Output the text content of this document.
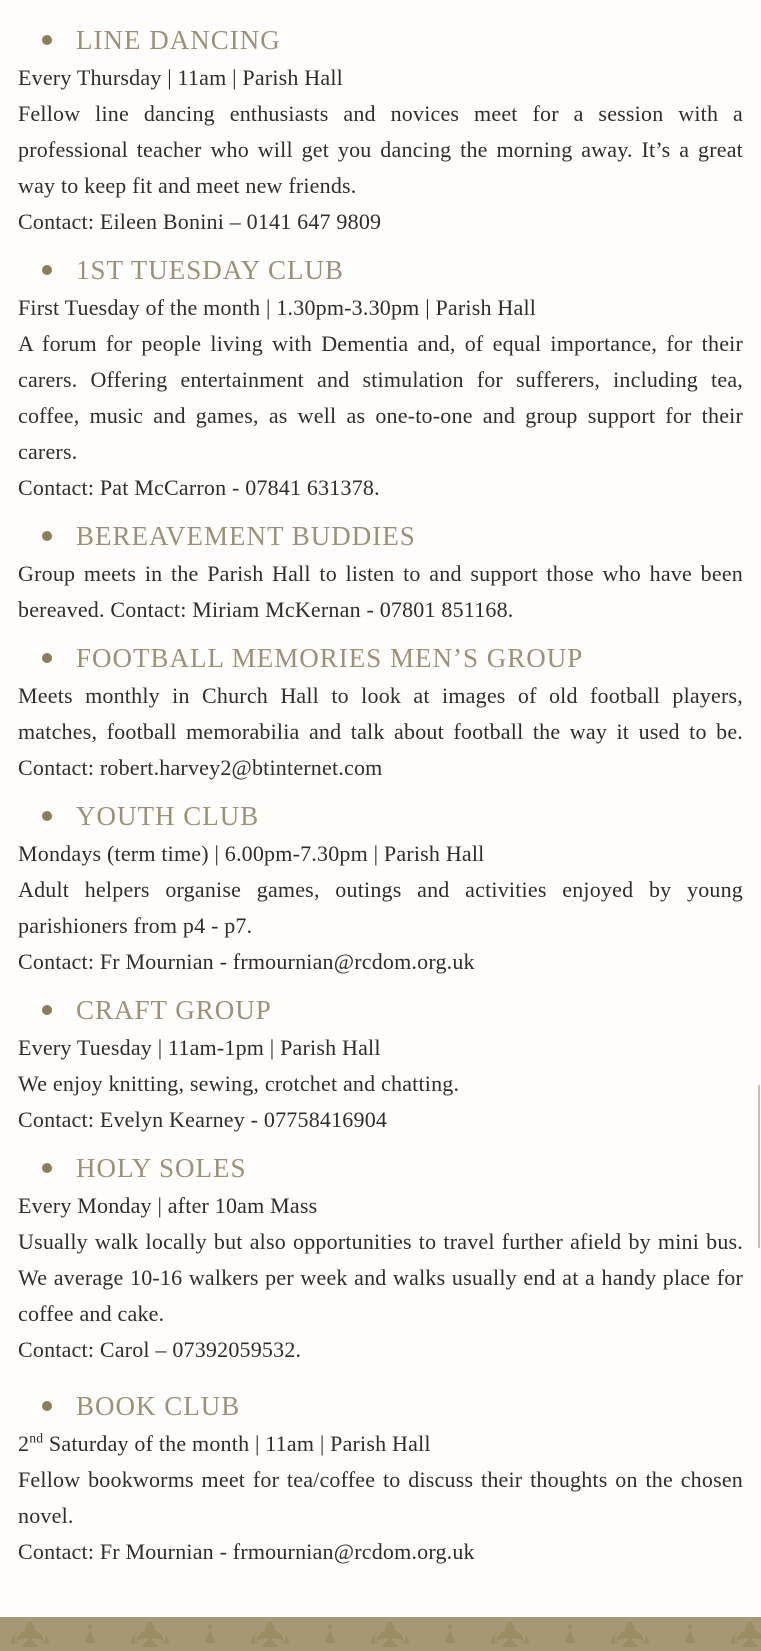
LINE DANCING

Every Thursday | 11am | Parish Hall

Fellow line dancing enthusiasts and novices meet for a session with a professional teacher who will get you dancing the morning away. It’s a great way to keep fit and meet new friends.

Contact: Eileen Bonini – 0141 647 9809

1ST TUESDAY CLUB

First Tuesday of the month | 1.30pm-3.30pm | Parish Hall

A forum for people living with Dementia and, of equal importance, for their carers. Offering entertainment and stimulation for sufferers, including tea, coffee, music and games, as well as one-to-one and group support for their carers.

Contact: Pat McCarron - 07841 631378.

BEREAVEMENT BUDDIES

Group meets in the Parish Hall to listen to and support those who have been bereaved. Contact: Miriam McKernan - 07801 851168.

FOOTBALL MEMORIES MEN’S GROUP

Meets monthly in Church Hall to look at images of old football players, matches, football memorabilia and talk about football the way it used to be. Contact: robert.harvey2@btinternet.com

YOUTH CLUB

Mondays (term time) | 6.00pm-7.30pm | Parish Hall

Adult helpers organise games, outings and activities enjoyed by young parishioners from p4 - p7.

Contact: Fr Mournian - frmournian@rcdom.org.uk

CRAFT GROUP

Every Tuesday | 11am-1pm | Parish Hall

We enjoy knitting, sewing, crotchet and chatting.

Contact: Evelyn Kearney - 07758416904

HOLY SOLES

Every Monday | after 10am Mass

Usually walk locally but also opportunities to travel further afield by mini bus. We average 10-16 walkers per week and walks usually end at a handy place for coffee and cake.

Contact: Carol – 07392059532.

BOOK CLUB

2nd Saturday of the month | 11am | Parish Hall

Fellow bookworms meet for tea/coffee to discuss their thoughts on the chosen novel.

Contact: Fr Mournian - frmournian@rcdom.org.uk
